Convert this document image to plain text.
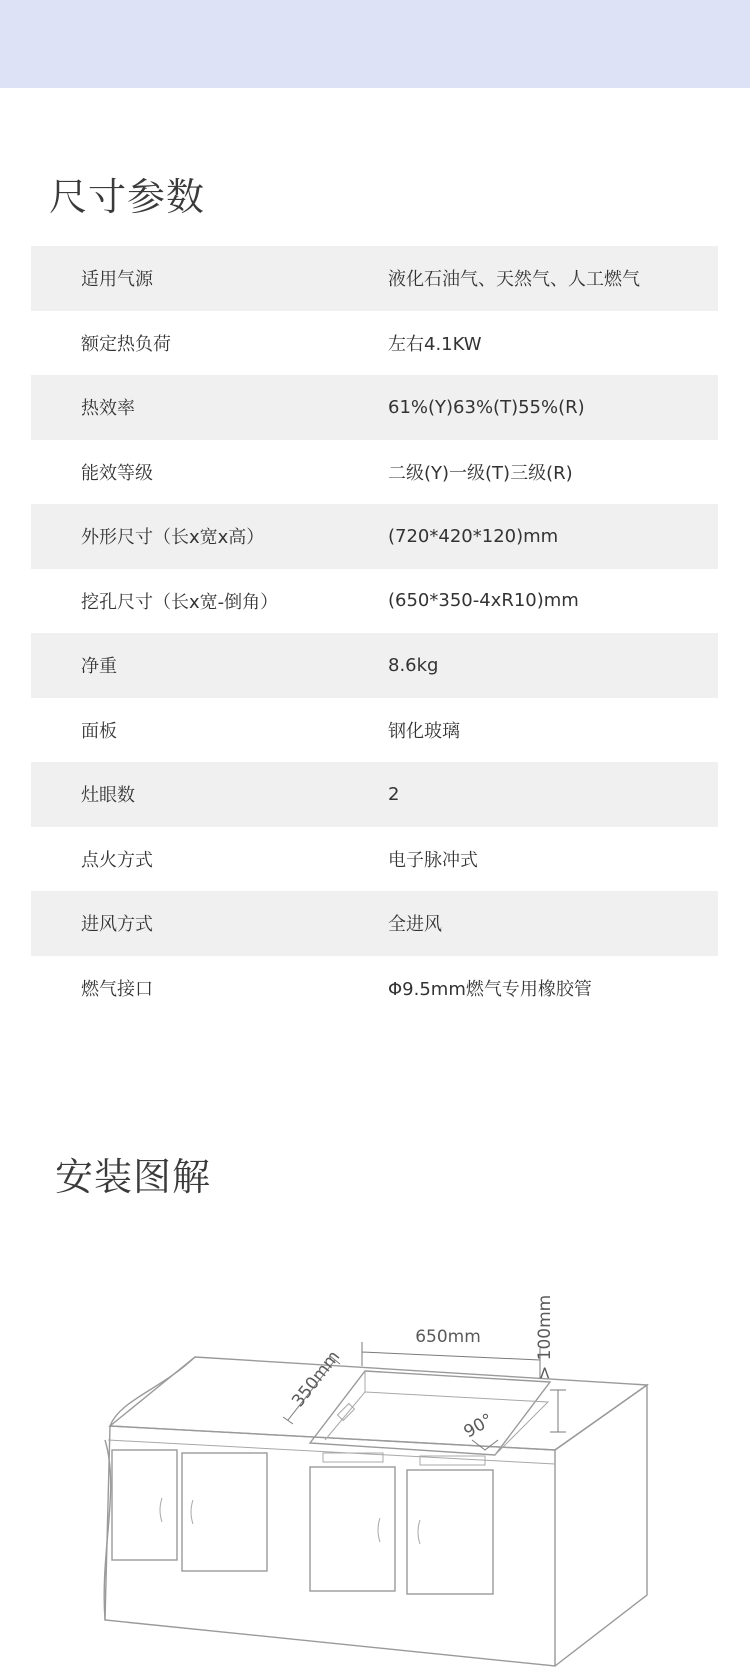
尺寸参数
适用气源	液化石油气、天然气、人工燃气
额定热负荷	左右4.1KW
热效率	61%(Y)63%(T)55%(R)
能效等级	二级(Y)一级(T)三级(R)
外形尺寸（长x宽x高）	(720*420*120)mm
挖孔尺寸（长x宽-倒角）	(650*350-4xR10)mm
净重	8.6kg
面板	钢化玻璃
灶眼数	2
点火方式	电子脉冲式
进风方式	全进风
燃气接口	Φ9.5mm燃气专用橡胶管
安装图解
650mm
350mm	> 100mm
90°
